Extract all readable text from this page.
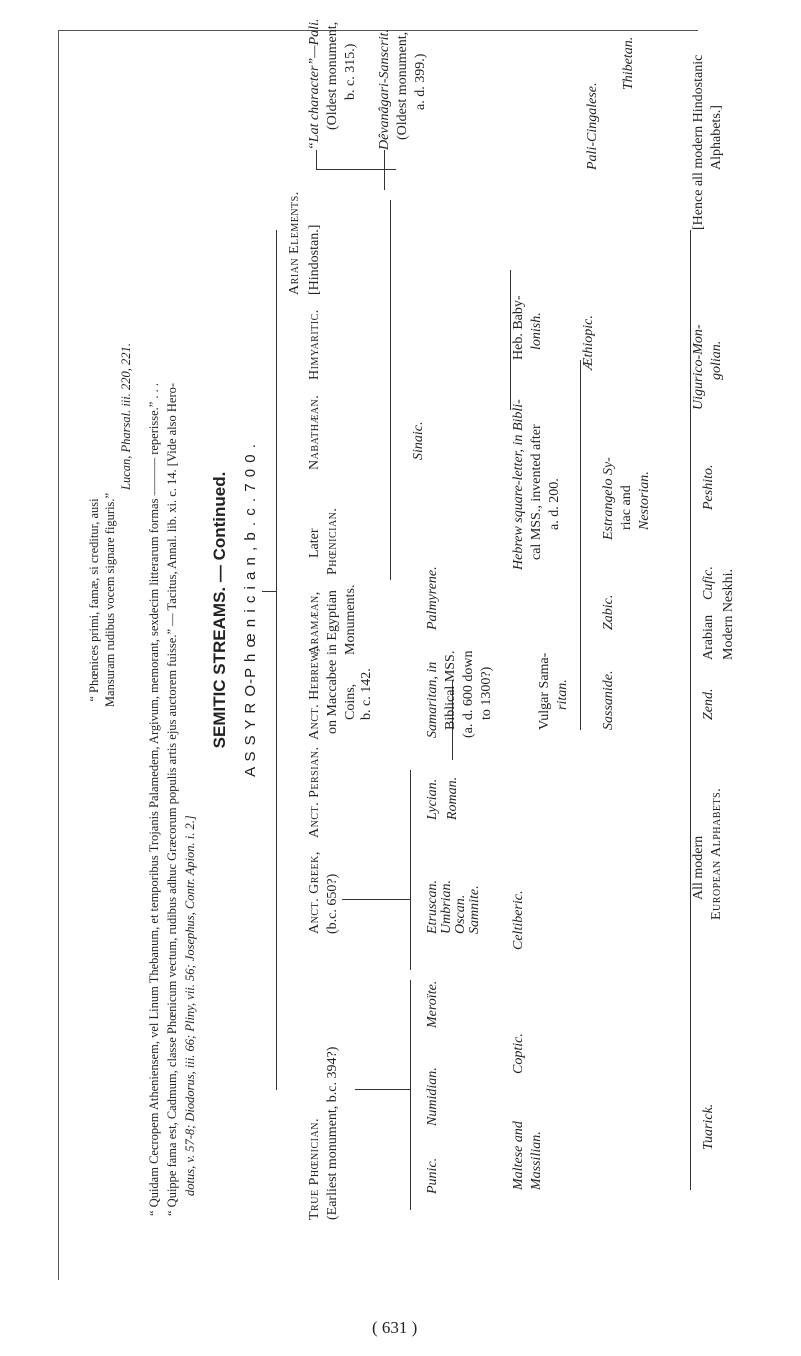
“ Phœnices primi, famæ, si creditur, ausi Mansuram rudibus vocem signare figuris.”
Lucan, Pharsal. iii. 220, 221. “ Quidam Cecropem Atheniensem, vel Linum Thebanum, et temporibus Trojanis Palamedem, Argivum, memorant, sexdecim litterarum formas ——— reperisse.” . . . “ Quippe fama est, Cadmum, classe Phœnicum vectum, rudibus adhuc Græcorum populis artis ejus auctorem fuisse.” — Tacitus, Annal. lib. xi. c. 14. [Vide also Hero- dotus, v. 57-8; Diodorus, iii. 66; Pliny, vii. 56; Josephus, Contr. Apion. i. 2.]
SEMITIC STREAMS. — Continued. A S S Y R O-P h œ n i c i a n , b . c . 7 0 0 .
True Phœnician. (Earliest monument, b.c. 394?)
Anct. Greek, (b.c. 650?)
Anct. Persian.
Anct. Hebrew, on Maccabee Coins, b. c. 142.
Aramæan, in Egyptian Monuments.
Later Phœnician.
Nabathæan.
Himyaritic.
Arian Elements. [Hindostan.]
“Lat character”—Pali. (Oldest monument, b. c. 315.) Dêvanâgari-Sanscrit. (Oldest monument, a. d. 399.)
Punic.
Numidian.
Meroïte.
Etruscan. Umbrian. Oscan. Samnite.
Lycian. Roman.
Samaritan, in Biblical MSS. (a. d. 600 down to 1300?)
Palmyrene.
Hebrew square-letter, in Bibli- cal MSS., invented after a. d. 200.
Sinaic.
Heb. Baby- lonish.
Maltese and Massilian.
Coptic.
Celtiberic.
Vulgar Sama- ritan.
Æthiopic.
Pali-Cingalese.
Thibetan.
Sassanide.
Zabic.
Estrangelo Sy- riac and Nestorian.
Tuarick.
All modern European Alphabets.
Zend.
Arabian
Cufic. Modern Neskhi.
Peshito.
Uigurico-Mon- golian.
[Hence all modern Hindostanic Alphabets.]
( 631 )
